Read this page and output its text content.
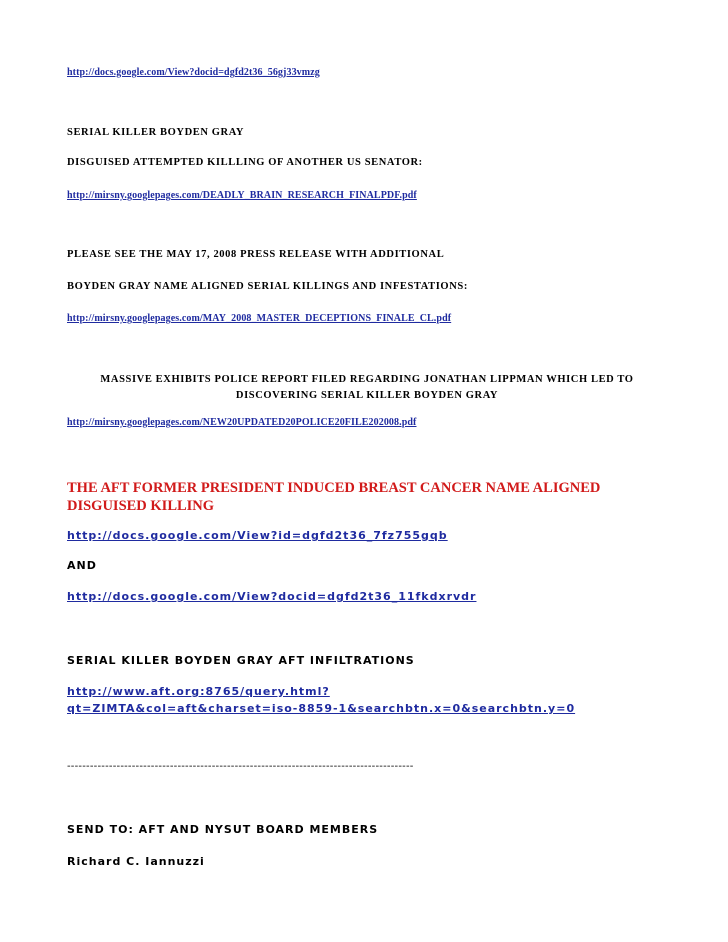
http://docs.google.com/View?docid=dgfd2t36_56gj33vmzg
SERIAL KILLER BOYDEN GRAY
DISGUISED ATTEMPTED KILLLING OF ANOTHER US SENATOR:
http://mirsny.googlepages.com/DEADLY_BRAIN_RESEARCH_FINALPDF.pdf
PLEASE SEE THE MAY 17, 2008 PRESS RELEASE WITH ADDITIONAL
BOYDEN GRAY NAME ALIGNED SERIAL KILLINGS AND INFESTATIONS:
http://mirsny.googlepages.com/MAY_2008_MASTER_DECEPTIONS_FINALE_CL.pdf
MASSIVE EXHIBITS POLICE REPORT FILED REGARDING JONATHAN LIPPMAN WHICH LED TO
DISCOVERING SERIAL KILLER BOYDEN GRAY
http://mirsny.googlepages.com/NEW20UPDATED20POLICE20FILE202008.pdf
THE AFT FORMER PRESIDENT INDUCED BREAST CANCER NAME ALIGNED
DISGUISED KILLING
http://docs.google.com/View?id=dgfd2t36_7fz755gqb
AND
http://docs.google.com/View?docid=dgfd2t36_11fkdxrvdr
SERIAL KILLER BOYDEN GRAY AFT INFILTRATIONS
http://www.aft.org:8765/query.html?
qt=ZIMTA&col=aft&charset=iso-8859-1&searchbtn.x=0&searchbtn.y=0
-------------------------------------------------------------------------------------------
SEND TO: AFT AND NYSUT BOARD MEMBERS
Richard C. Iannuzzi
